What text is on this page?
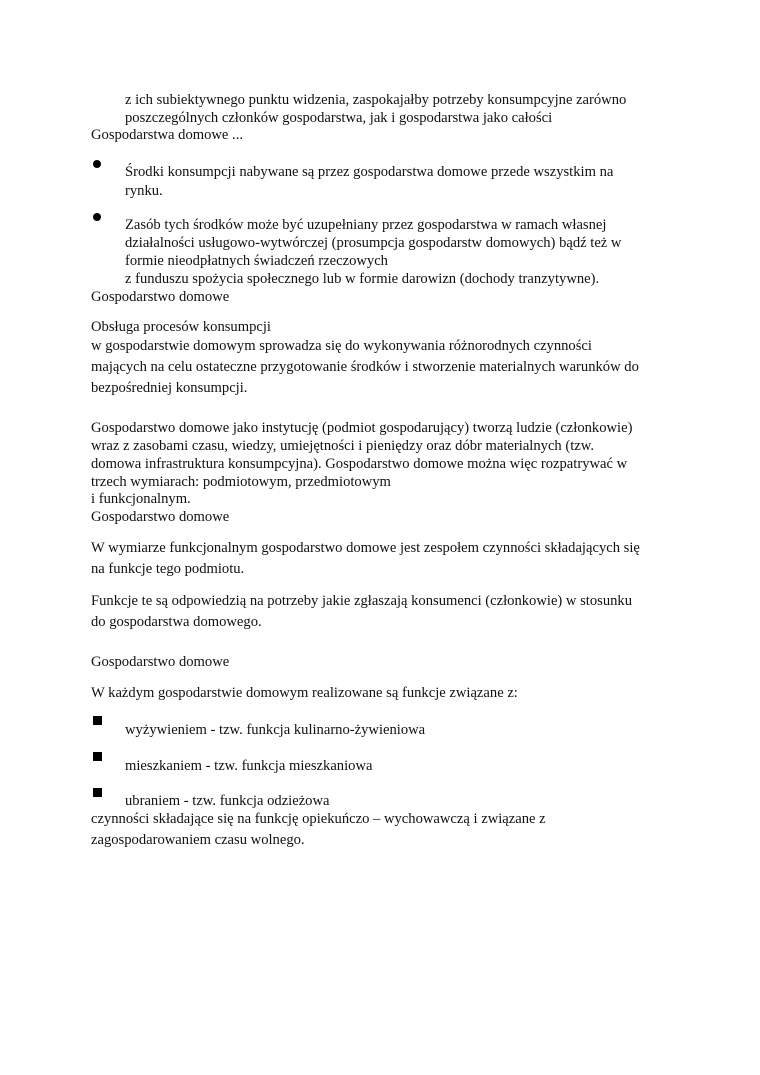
z ich subiektywnego punktu widzenia, zaspokajałby potrzeby konsumpcyjne zarówno
poszczególnych członków gospodarstwa, jak i gospodarstwa jako całości
Gospodarstwa domowe ...
Środki konsumpcji nabywane są przez gospodarstwa domowe przede wszystkim na
rynku.
Zasób tych środków może być uzupełniany przez gospodarstwa w ramach własnej
działalności usługowo-wytwórczej (prosumpcja gospodarstw domowych) bądź też w
formie nieodpłatnych świadczeń rzeczowych
z funduszu spożycia społecznego lub w formie darowizn (dochody tranzytywne).
Gospodarstwo domowe
Obsługa procesów konsumpcji
w gospodarstwie domowym sprowadza się do wykonywania różnorodnych czynności
mających na celu ostateczne przygotowanie środków i stworzenie materialnych warunków do
bezpośredniej konsumpcji.
Gospodarstwo domowe jako instytucję (podmiot gospodarujący) tworzą ludzie (członkowie)
wraz z zasobami czasu, wiedzy, umiejętności i pieniędzy oraz dóbr materialnych (tzw.
domowa infrastruktura konsumpcyjna). Gospodarstwo domowe można więc rozpatrywać w
trzech wymiarach: podmiotowym, przedmiotowym
i funkcjonalnym.
Gospodarstwo domowe
W wymiarze funkcjonalnym gospodarstwo domowe jest zespołem czynności składających się
na funkcje tego podmiotu.
Funkcje te są odpowiedzią na potrzeby jakie zgłaszają konsumenci (członkowie) w stosunku
do gospodarstwa domowego.
Gospodarstwo domowe
W każdym gospodarstwie domowym realizowane są funkcje związane z:
wyżywieniem - tzw. funkcja kulinarno-żywieniowa
mieszkaniem - tzw. funkcja mieszkaniowa
ubraniem - tzw. funkcja odzieżowa
czynności składające się na funkcję opiekuńczo – wychowawczą i związane z
zagospodarowaniem czasu wolnego.
